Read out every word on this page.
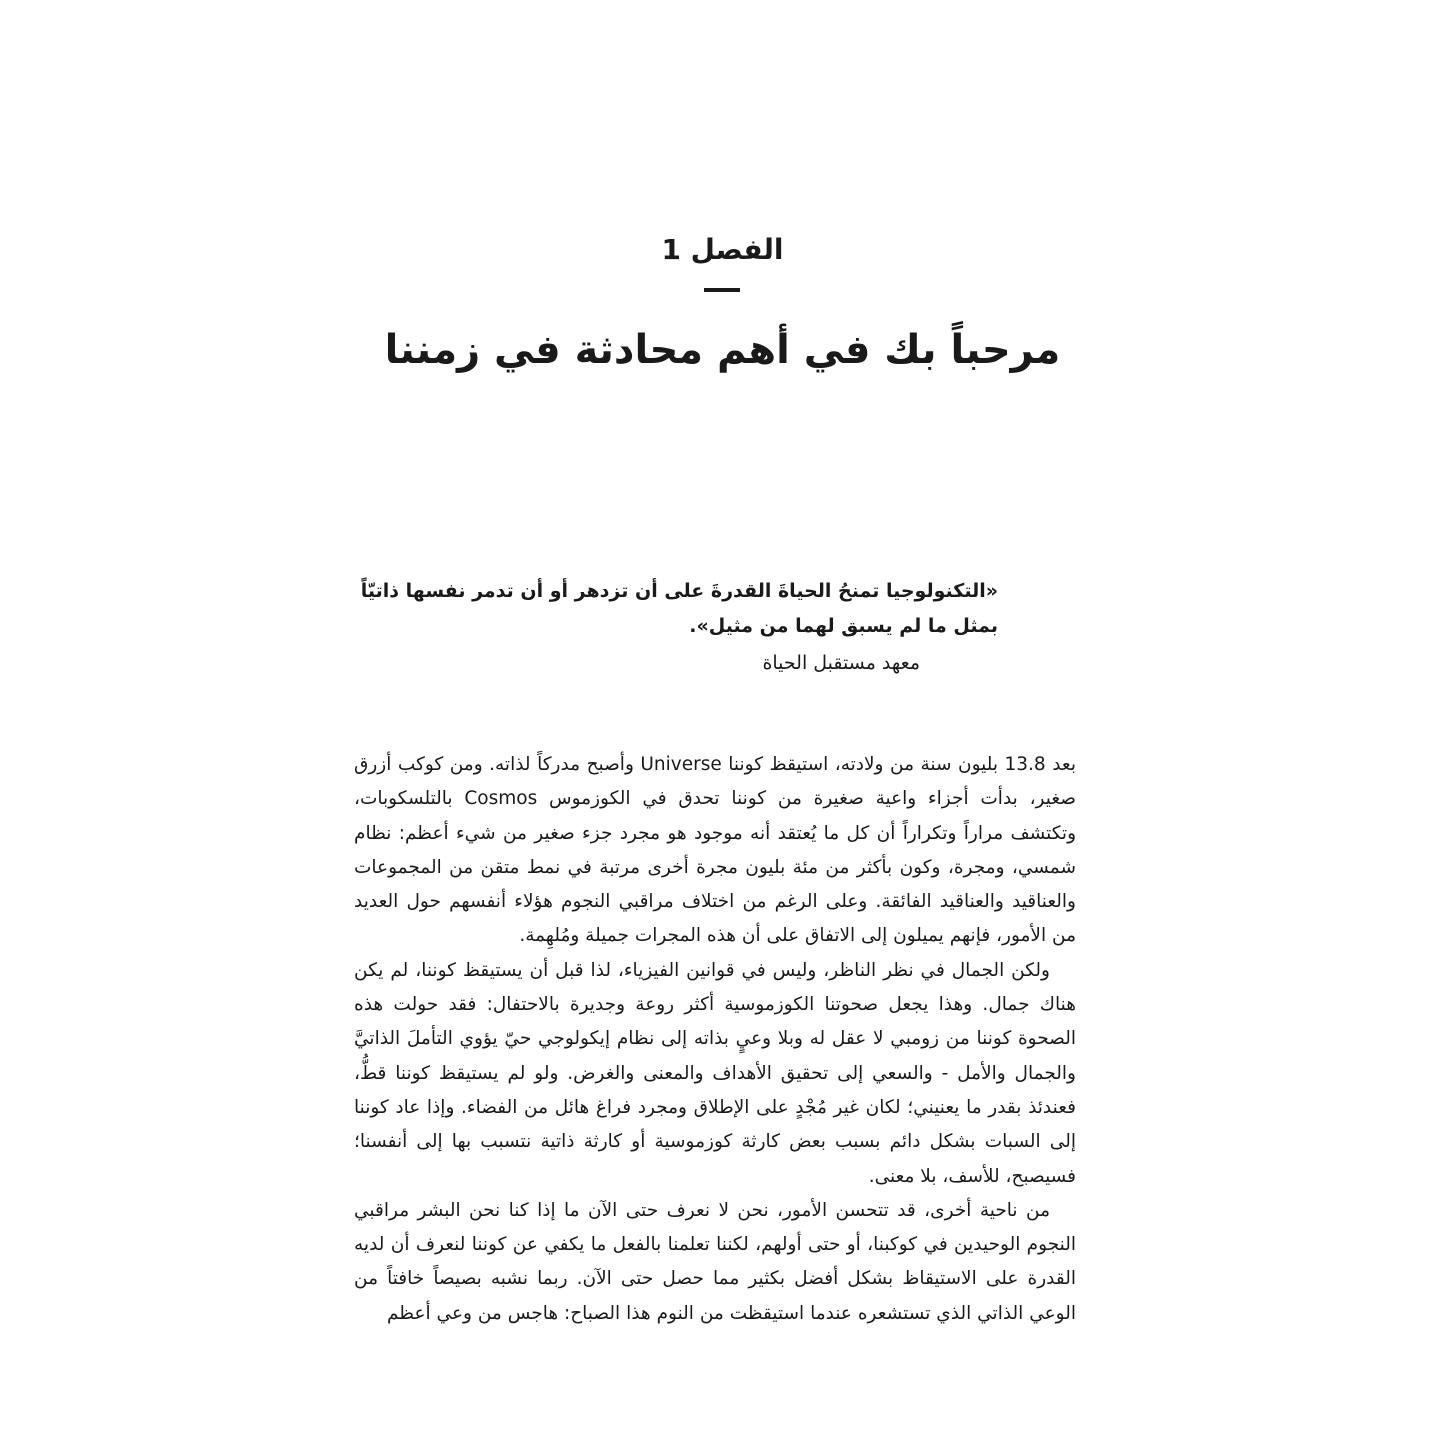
الفصل 1
مرحباً بك في أهم محادثة في زمننا
«التكنولوجيا تمنحُ الحياةَ القدرةَ على أن تزدهر أو أن تدمر نفسها ذاتيّاً بمثل ما لم يسبق لهما من مثيل».
معهد مستقبل الحياة

بعد 13.8 بليون سنة من ولادته، استيقظ كوننا Universe وأصبح مدركاً لذاته. ومن كوكب أزرق صغير، بدأت أجزاء واعية صغيرة من كوننا تحدق في الكوزموس Cosmos بالتلسكوبات، وتكتشف مراراً وتكراراً أن كل ما يُعتقد أنه موجود هو مجرد جزء صغير من شيء أعظم: نظام شمسي، ومجرة، وكون بأكثر من مئة بليون مجرة أخرى مرتبة في نمط متقن من المجموعات والعناقيد والعناقيد الفائقة. وعلى الرغم من اختلاف مراقبي النجوم هؤلاء أنفسهم حول العديد من الأمور، فإنهم يميلون إلى الاتفاق على أن هذه المجرات جميلة ومُلهِمة.

ولكن الجمال في نظر الناظر، وليس في قوانين الفيزياء، لذا قبل أن يستيقظ كوننا، لم يكن هناك جمال. وهذا يجعل صحوتنا الكوزموسية أكثر روعة وجديرة بالاحتفال: فقد حولت هذه الصحوة كوننا من زومبي لا عقل له وبلا وعيٍ بذاته إلى نظام إيكولوجي حيّ يؤوي التأملَ الذاتيَّ والجمال والأمل - والسعي إلى تحقيق الأهداف والمعنى والغرض. ولو لم يستيقظ كوننا قطُّ، فعندئذ بقدر ما يعنيني؛ لكان غير مُجْدٍ على الإطلاق ومجرد فراغ هائل من الفضاء. وإذا عاد كوننا إلى السبات بشكل دائم بسبب بعض كارثة كوزموسية أو كارثة ذاتية نتسبب بها إلى أنفسنا؛ فسيصبح، للأسف، بلا معنى.

من ناحية أخرى، قد تتحسن الأمور، نحن لا نعرف حتى الآن ما إذا كنا نحن البشر مراقبي النجوم الوحيدين في كوكبنا، أو حتى أولهم، لكننا تعلمنا بالفعل ما يكفي عن كوننا لنعرف أن لديه القدرة على الاستيقاظ بشكل أفضل بكثير مما حصل حتى الآن. ربما نشبه بصيصاً خافتاً من الوعي الذاتي الذي تستشعره عندما استيقظت من النوم هذا الصباح: هاجس من وعي أعظم
